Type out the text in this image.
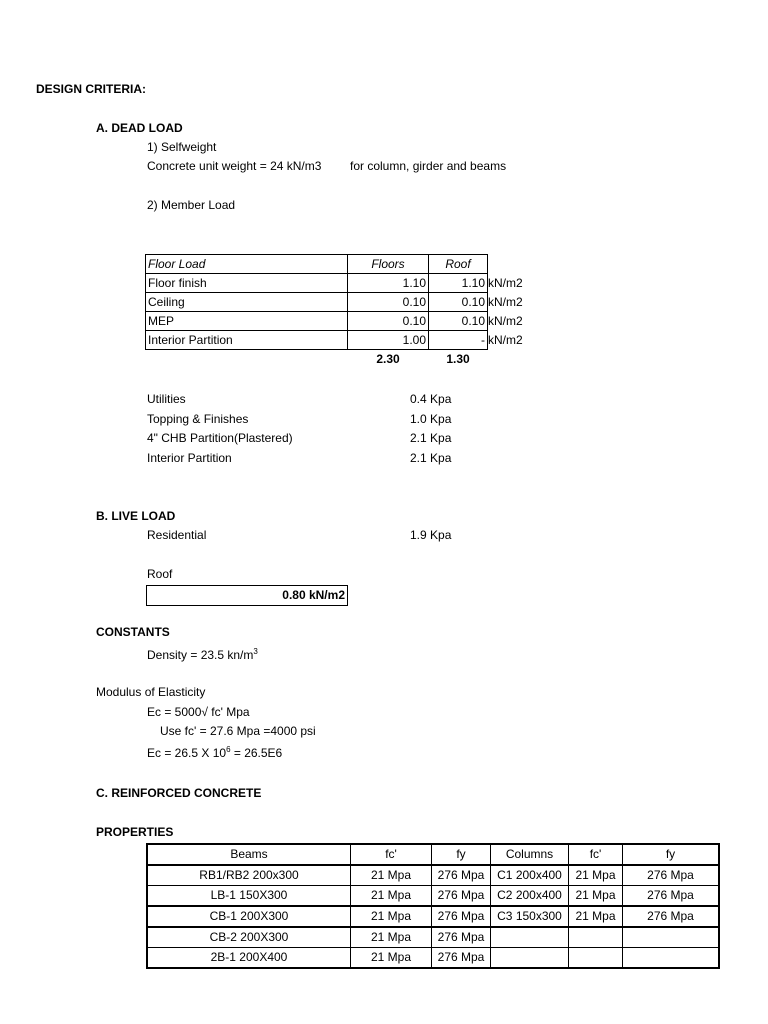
DESIGN CRITERIA:
A. DEAD LOAD
1) Selfweight
Concrete unit weight = 24 kN/m3 for column, girder and beams
2) Member Load
Floor Load	Floors	Roof	
Floor finish	1.10	1.10	kN/m2
Ceiling	0.10	0.10	kN/m2
MEP	0.10	0.10	kN/m2
Interior Partition	1.00	-	kN/m2
	2.30	1.30	
Utilities	0.4 Kpa
Topping & Finishes	1.0 Kpa
4" CHB Partition(Plastered)	2.1 Kpa
Interior Partition	2.1 Kpa
B. LIVE LOAD
Residential	1.9 Kpa
Roof
0.80 kN/m2
CONSTANTS
Density = 23.5 $kn/m^3$
Modulus of Elasticity
Ec = 5000√ fc' Mpa
Use fc' = 27.6 Mpa =4000 psi
Ec = 26.5 X $10^6 = 26.5E6$
C. REINFORCED CONCRETE
PROPERTIES
Beams	fc'	fy	Columns	fc'	fy
RB1/RB2 200x300	21 Mpa	276 Mpa	C1 200x400	21 Mpa	276 Mpa
LB-1 150X300	21 Mpa	276 Mpa	C2 200x400	21 Mpa	276 Mpa
CB-1 200X300	21 Mpa	276 Mpa	C3 150x300	21 Mpa	276 Mpa
CB-2 200X300	21 Mpa	276 Mpa			
2B-1 200X400	21 Mpa	276 Mpa			
